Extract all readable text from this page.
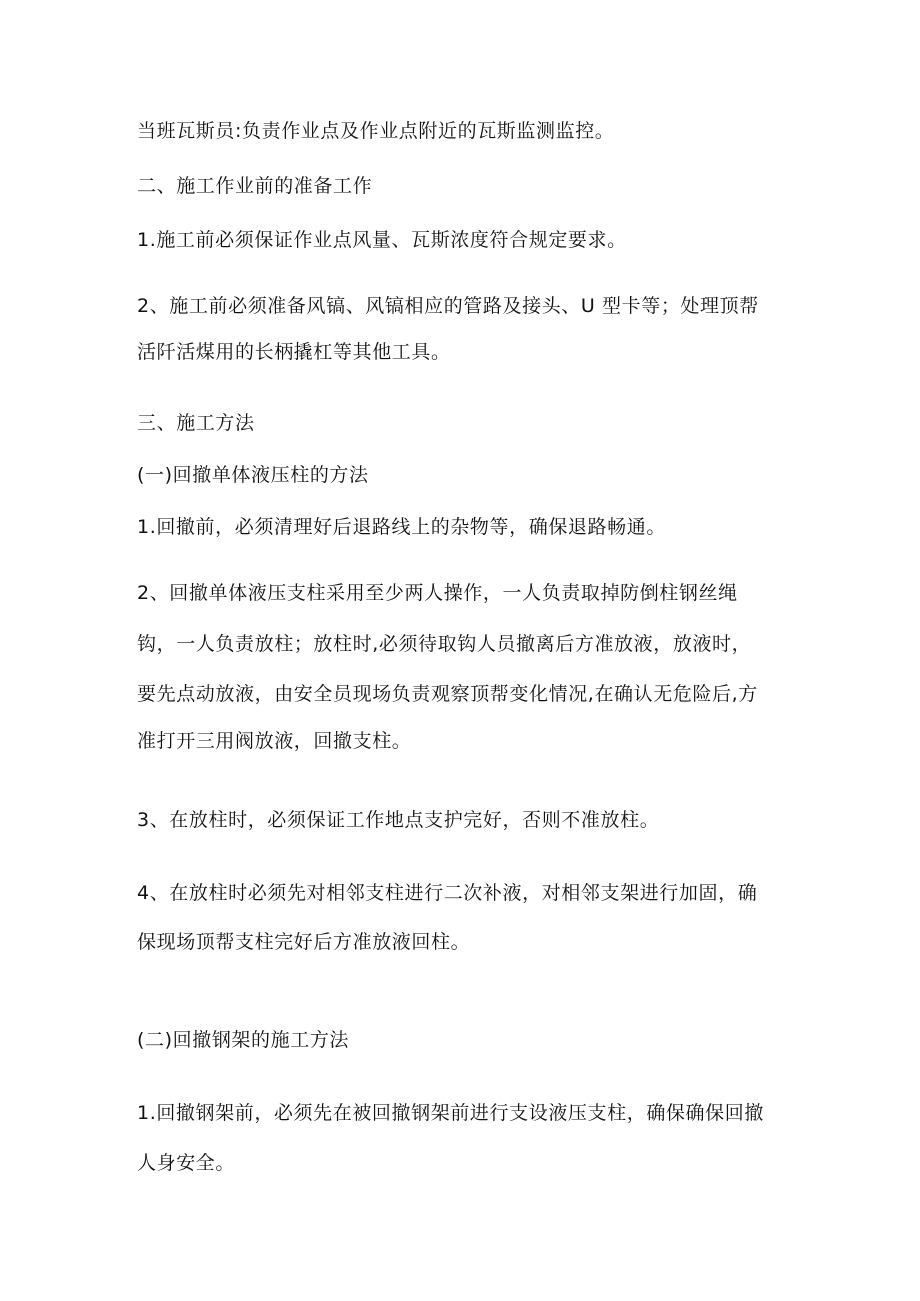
当班瓦斯员:负责作业点及作业点附近的瓦斯监测监控。

二、施工作业前的准备工作

1.施工前必须保证作业点风量、瓦斯浓度符合规定要求。

2、施工前必须准备风镐、风镐相应的管路及接头、U 型卡等；处理顶帮

活阡活煤用的长柄撬杠等其他工具。

三、施工方法

(一)回撤单体液压柱的方法

1.回撤前，必须清理好后退路线上的杂物等，确保退路畅通。

2、回撤单体液压支柱采用至少两人操作，一人负责取掉防倒柱钢丝绳

钩，一人负责放柱；放柱时,必须待取钩人员撤离后方准放液，放液时，

要先点动放液，由安全员现场负责观察顶帮变化情况,在确认无危险后,方

准打开三用阀放液，回撤支柱。

3、在放柱时，必须保证工作地点支护完好，否则不准放柱。

4、在放柱时必须先对相邻支柱进行二次补液，对相邻支架进行加固，确

保现场顶帮支柱完好后方准放液回柱。

(二)回撤钢架的施工方法

1.回撤钢架前，必须先在被回撤钢架前进行支设液压支柱，确保确保回撤

人身安全。
